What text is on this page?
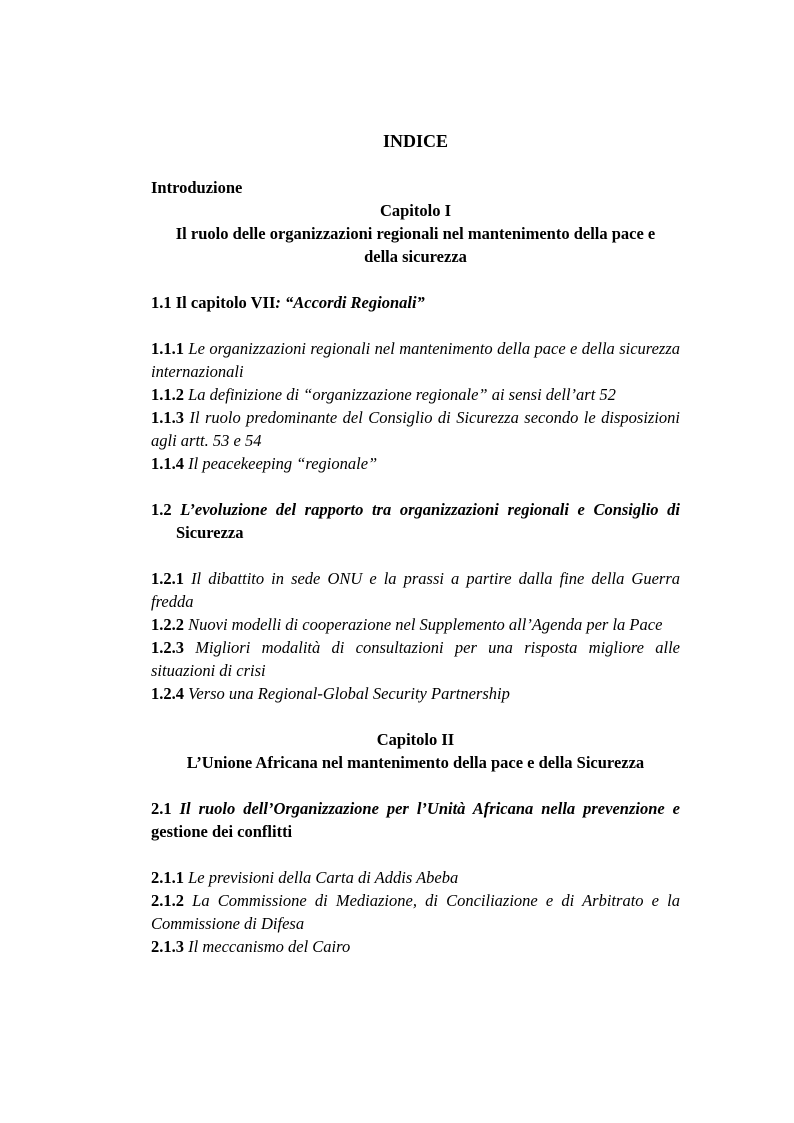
INDICE
Introduzione
Capitolo I
Il ruolo delle organizzazioni regionali nel mantenimento della pace e
della sicurezza
1.1 Il capitolo VII: “Accordi Regionali”
1.1.1 Le organizzazioni regionali nel mantenimento della pace e della sicurezza internazionali
1.1.2 La definizione di “organizzazione regionale” ai sensi dell’art 52
1.1.3 Il ruolo predominante del Consiglio di Sicurezza secondo le disposizioni agli artt. 53 e 54
1.1.4 Il peacekeeping “regionale”
1.2 L’evoluzione del rapporto tra organizzazioni regionali e Consiglio di Sicurezza
1.2.1 Il dibattito in sede ONU e la prassi a partire dalla fine della Guerra fredda
1.2.2 Nuovi modelli di cooperazione nel Supplemento all’Agenda per la Pace
1.2.3 Migliori modalità di consultazioni per una risposta migliore alle situazioni di crisi
1.2.4 Verso una Regional-Global Security Partnership
Capitolo II
L’Unione Africana nel mantenimento della pace e della Sicurezza
2.1 Il ruolo dell’Organizzazione per l’Unità Africana nella prevenzione e gestione dei conflitti
2.1.1 Le previsioni della Carta di Addis Abeba
2.1.2 La Commissione di Mediazione, di Conciliazione e di Arbitrato e la Commissione di Difesa
2.1.3 Il meccanismo del Cairo
